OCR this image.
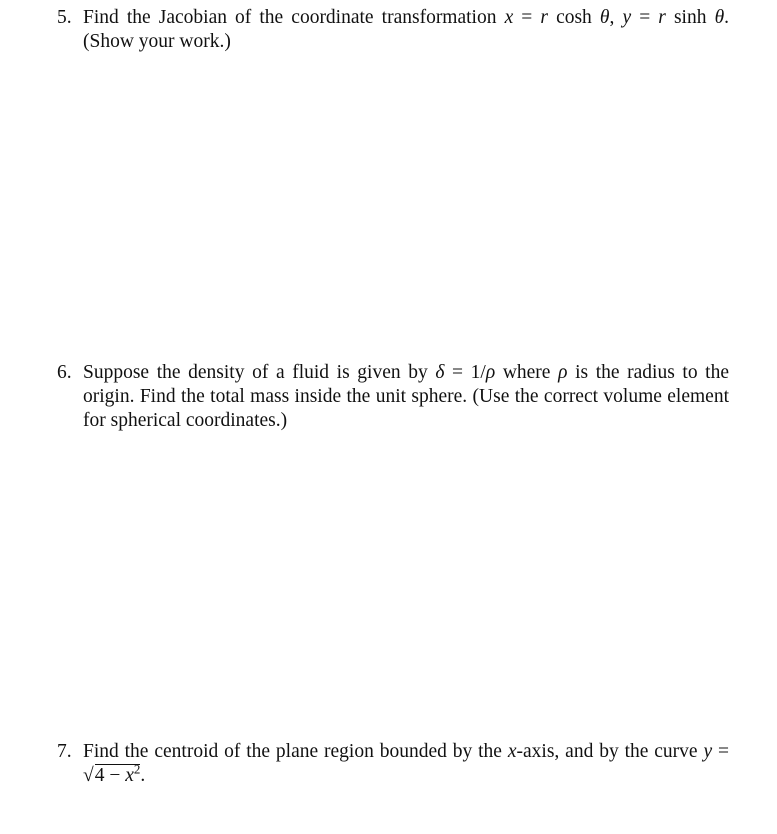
5. Find the Jacobian of the coordinate transformation x = r cosh θ, y = r sinh θ. (Show your work.)
6. Suppose the density of a fluid is given by δ = 1/ρ where ρ is the radius to the origin. Find the total mass inside the unit sphere. (Use the correct volume element for spherical coordinates.)
7. Find the centroid of the plane region bounded by the x-axis, and by the curve $y = √4 - x^2$.
